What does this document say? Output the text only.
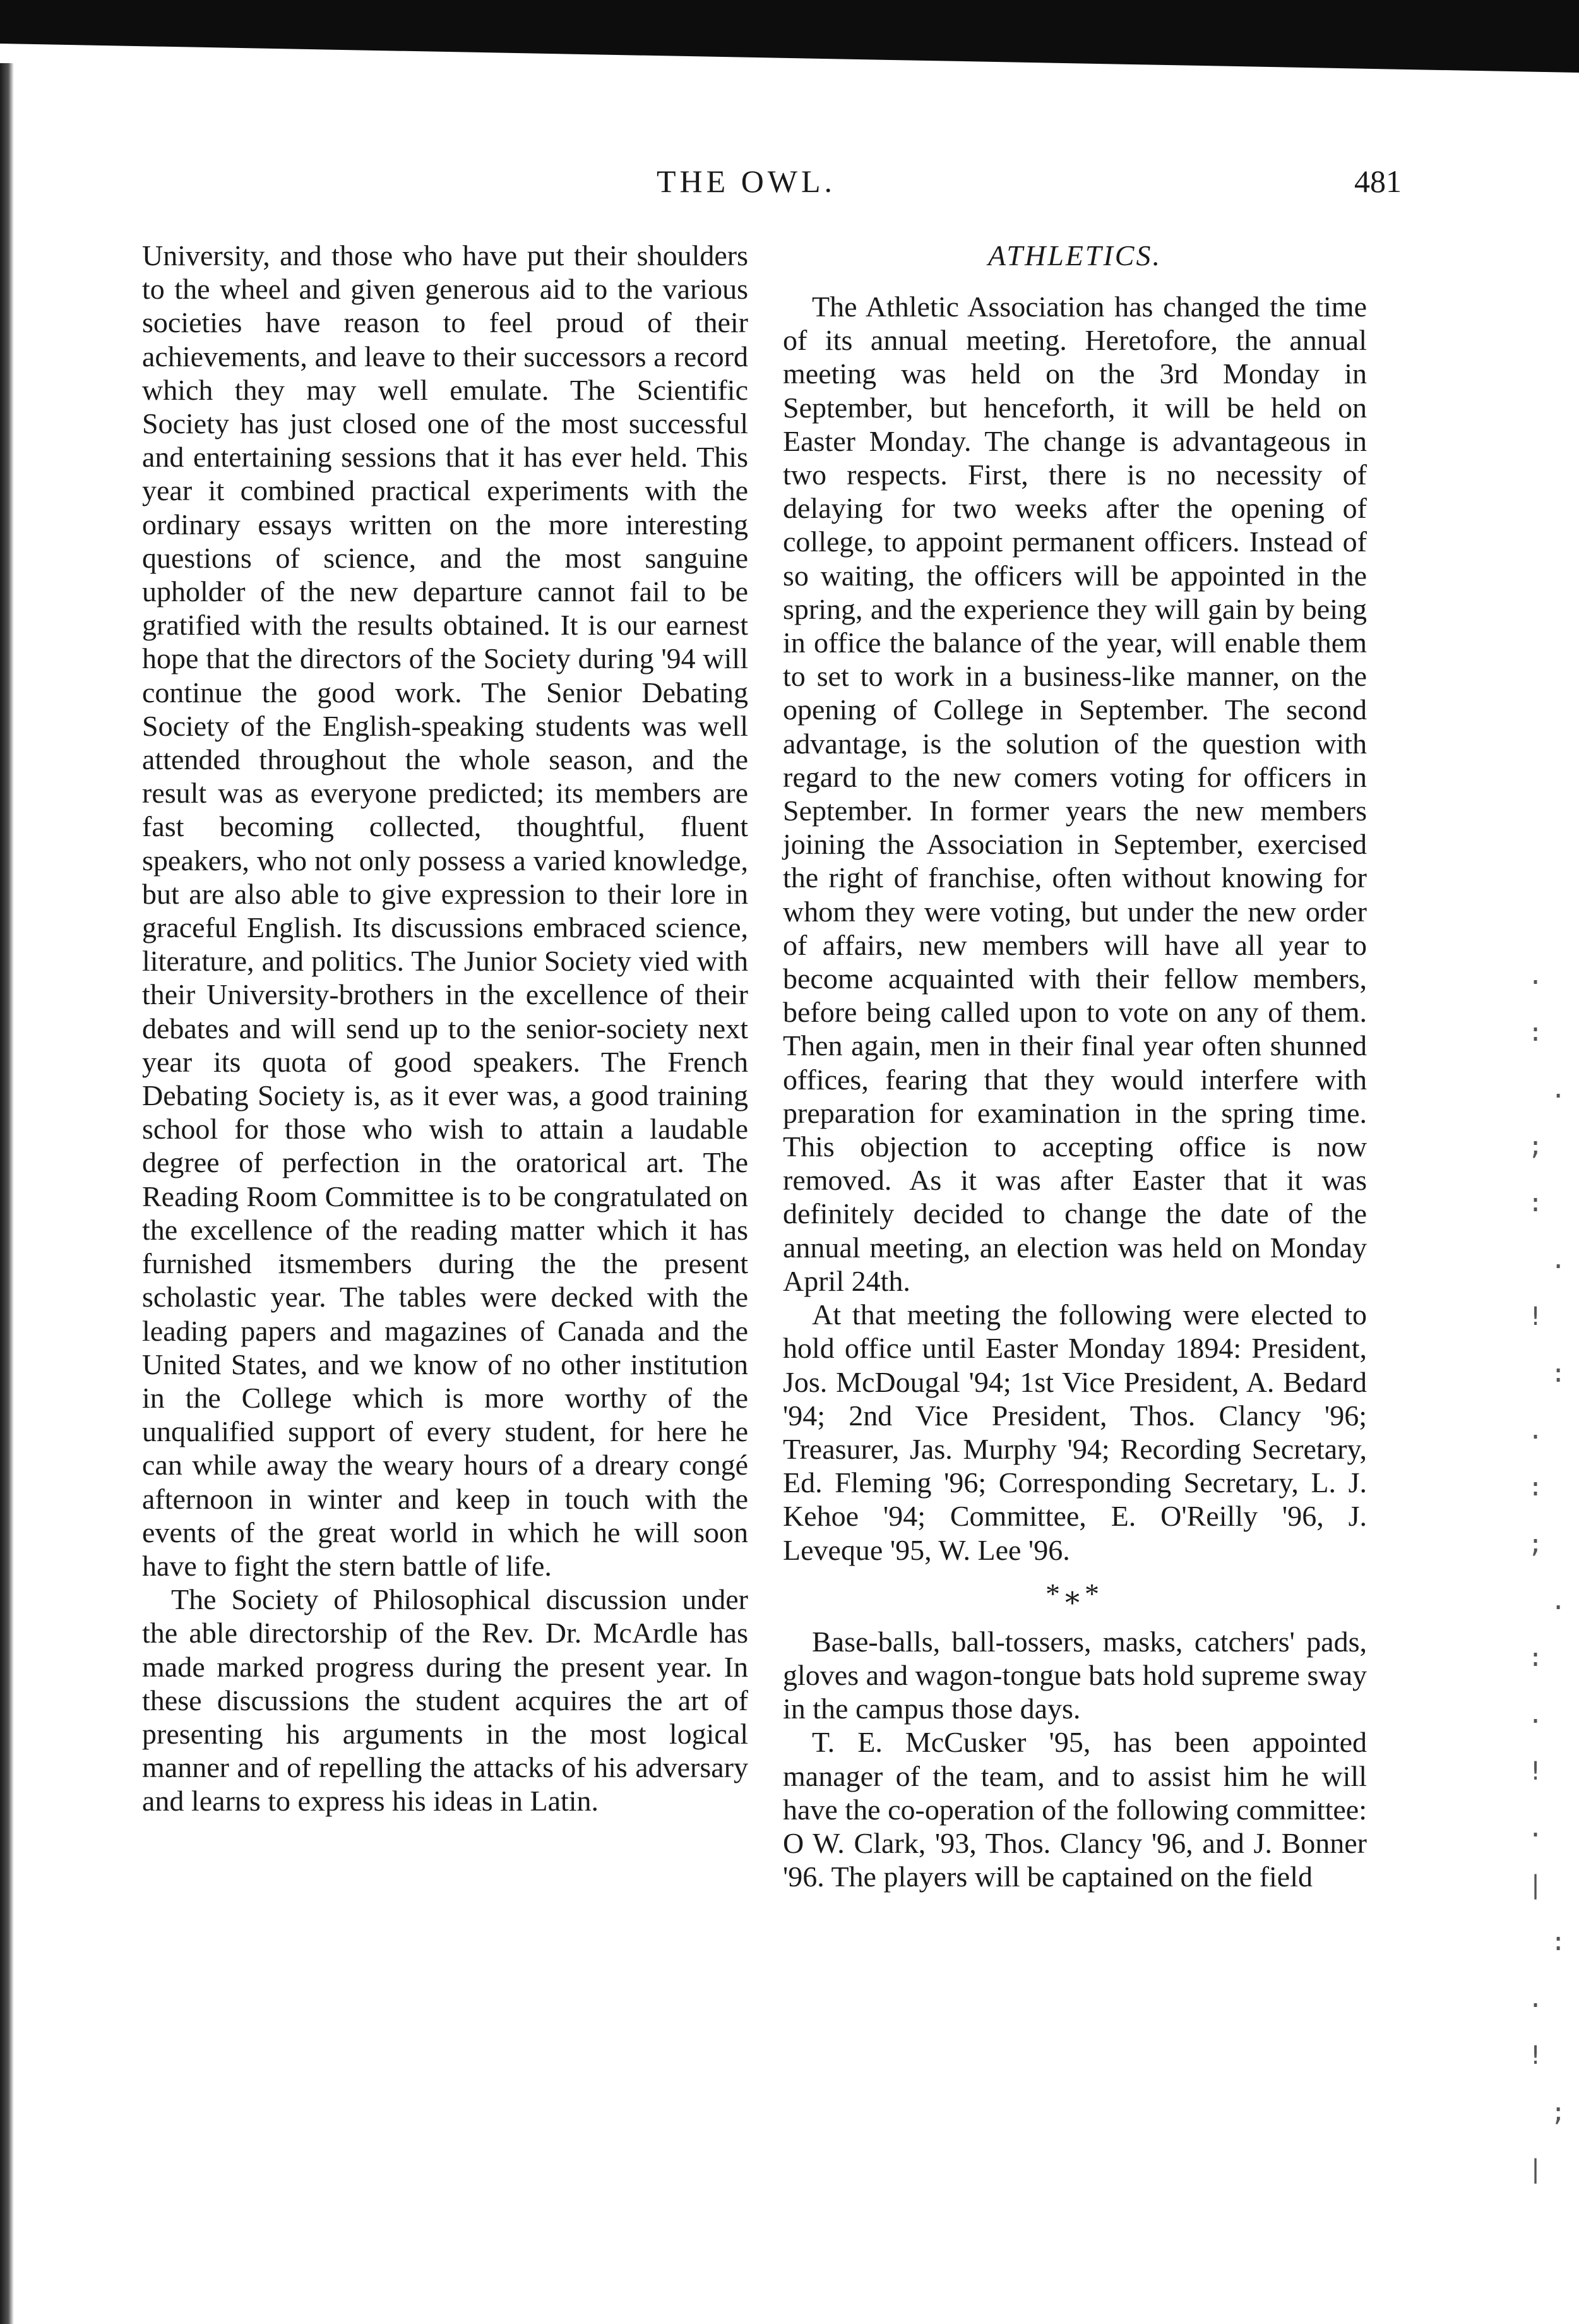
.
:
.
;
:
.
!
:
.
:
;
.
:
.
!
.
|
:
.
!
;
|
THE OWL.	481

University, and those who have put their shoulders to the wheel and given generous aid to the various societies have reason to feel proud of their achievements, and leave to their successors a record which they may well emulate. The Scientific Society has just closed one of the most successful and entertaining sessions that it has ever held. This year it combined practical experiments with the ordinary essays written on the more interesting questions of science, and the most sanguine upholder of the new departure cannot fail to be gratified with the results obtained. It is our earnest hope that the directors of the Society during '94 will continue the good work. The Senior Debating Society of the English-speaking students was well attended throughout the whole season, and the result was as everyone predicted; its members are fast becoming collected, thoughtful, fluent speakers, who not only possess a varied knowledge, but are also able to give expression to their lore in graceful English. Its discussions embraced science, literature, and politics. The Junior Society vied with their University-brothers in the excellence of their debates and will send up to the senior-society next year its quota of good speakers. The French Debating Society is, as it ever was, a good training school for those who wish to attain a laudable degree of perfection in the oratorical art. The Reading Room Committee is to be congratulated on the excellence of the reading matter which it has furnished itsmembers during the the present scholastic year. The tables were decked with the leading papers and magazines of Canada and the United States, and we know of no other institution in the College which is more worthy of the unqualified support of every student, for here he can while away the weary hours of a dreary congé afternoon in winter and keep in touch with the events of the great world in which he will soon have to fight the stern battle of life.

The Society of Philosophical discussion under the able directorship of the Rev. Dr. McArdle has made marked progress during the present year. In these discussions the student acquires the art of presenting his arguments in the most logical manner and of repelling the attacks of his adversary and learns to express his ideas in Latin.

ATHLETICS.

The Athletic Association has changed the time of its annual meeting. Heretofore, the annual meeting was held on the 3rd Monday in September, but henceforth, it will be held on Easter Monday. The change is advantageous in two respects. First, there is no necessity of delaying for two weeks after the opening of college, to appoint permanent officers. Instead of so waiting, the officers will be appointed in the spring, and the experience they will gain by being in office the balance of the year, will enable them to set to work in a business-like manner, on the opening of College in September. The second advantage, is the solution of the question with regard to the new comers voting for officers in September. In former years the new members joining the Association in September, exercised the right of franchise, often without knowing for whom they were voting, but under the new order of affairs, new members will have all year to become acquainted with their fellow members, before being called upon to vote on any of them. Then again, men in their final year often shunned offices, fearing that they would interfere with preparation for examination in the spring time. This objection to accepting office is now removed. As it was after Easter that it was definitely decided to change the date of the annual meeting, an election was held on Monday April 24th.

At that meeting the following were elected to hold office until Easter Monday 1894: President, Jos. McDougal '94; 1st Vice President, A. Bedard '94; 2nd Vice President, Thos. Clancy '96; Treasurer, Jas. Murphy '94; Recording Secretary, Ed. Fleming '96; Corresponding Secretary, L. J. Kehoe '94; Committee, E. O'Reilly '96, J. Leveque '95, W. Lee '96.

*⁎*

Base-balls, ball-tossers, masks, catchers' pads, gloves and wagon-tongue bats hold supreme sway in the campus those days.

T. E. McCusker '95, has been appointed manager of the team, and to assist him he will have the co-operation of the following committee: O W. Clark, '93, Thos. Clancy '96, and J. Bonner '96. The players will be captained on the field
